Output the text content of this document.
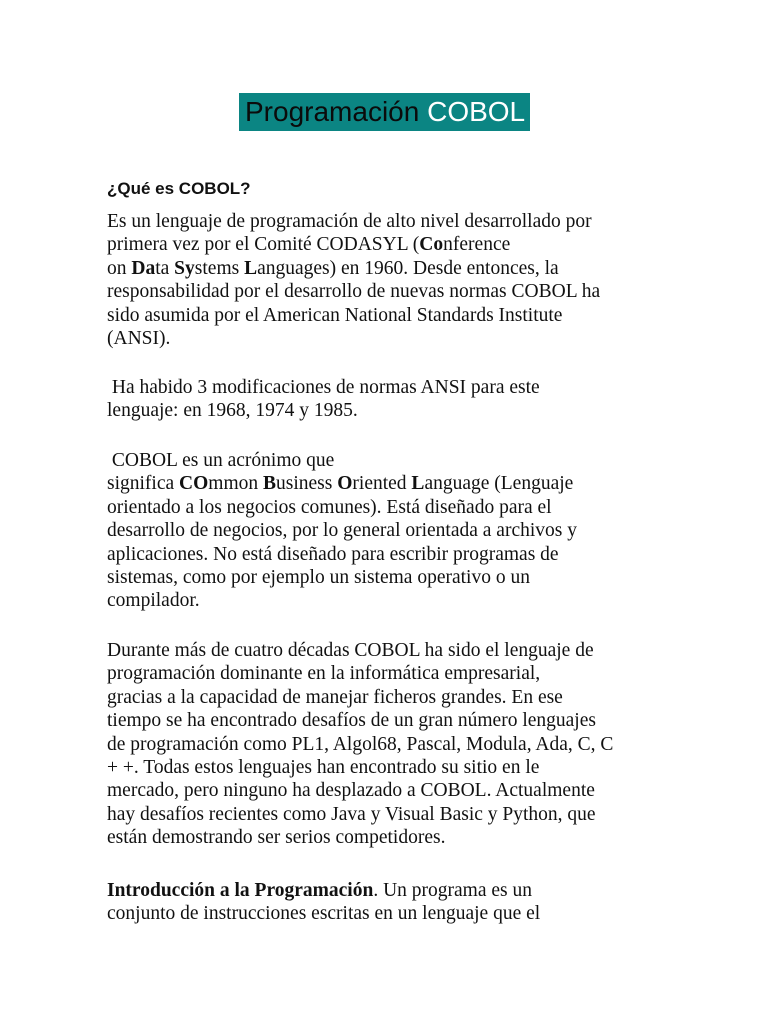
Programación COBOL
¿Qué es COBOL?
Es un lenguaje de programación de alto nivel desarrollado por
primera vez por el Comité CODASYL (Conference
on Data Systems Languages) en 1960. Desde entonces, la
responsabilidad por el desarrollo de nuevas normas COBOL ha
sido asumida por el American National Standards Institute
(ANSI).
Ha habido 3 modificaciones de normas ANSI para este
lenguaje: en 1968, 1974 y 1985.
COBOL es un acrónimo que
significa COmmon Business Oriented Language (Lenguaje
orientado a los negocios comunes). Está diseñado para el
desarrollo de negocios, por lo general orientada a archivos y
aplicaciones. No está diseñado para escribir programas de
sistemas, como por ejemplo un sistema operativo o un
compilador.
Durante más de cuatro décadas COBOL ha sido el lenguaje de
programación dominante en la informática empresarial,
gracias a la capacidad de manejar ficheros grandes. En ese
tiempo se ha encontrado desafíos de un gran número lenguajes
de programación como PL1, Algol68, Pascal, Modula, Ada, C, C
+ +. Todas estos lenguajes han encontrado su sitio en le
mercado, pero ninguno ha desplazado a COBOL. Actualmente
hay desafíos recientes como Java y Visual Basic y Python, que
están demostrando ser serios competidores.
Introducción a la Programación. Un programa es un
conjunto de instrucciones escritas en un lenguaje que el
